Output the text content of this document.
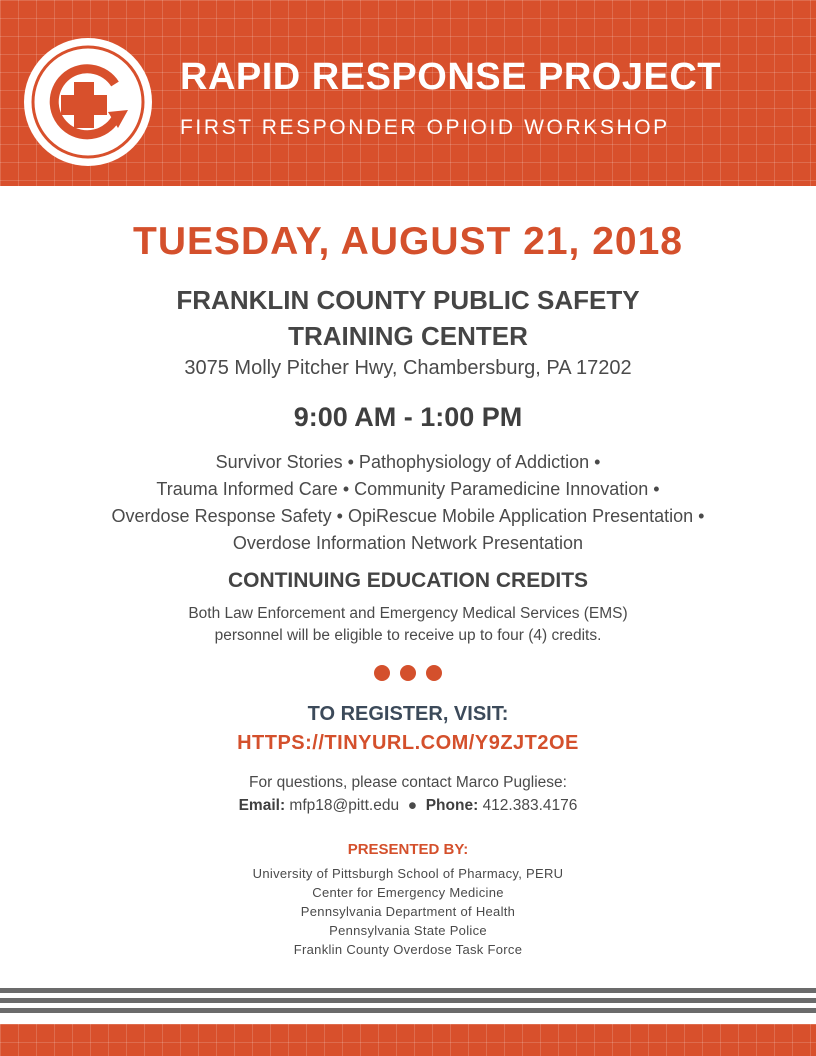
RAPID RESPONSE PROJECT
FIRST RESPONDER OPIOID WORKSHOP
TUESDAY, AUGUST 21, 2018
FRANKLIN COUNTY PUBLIC SAFETY
TRAINING CENTER
3075 Molly Pitcher Hwy, Chambersburg, PA 17202
9:00 AM - 1:00 PM
Survivor Stories • Pathophysiology of Addiction •
Trauma Informed Care • Community Paramedicine Innovation •
Overdose Response Safety • OpiRescue Mobile Application Presentation •
Overdose Information Network Presentation
CONTINUING EDUCATION CREDITS
Both Law Enforcement and Emergency Medical Services (EMS)
personnel will be eligible to receive up to four (4) credits.
TO REGISTER, VISIT:
HTTPS://TINYURL.COM/Y9ZJT2OE
For questions, please contact Marco Pugliese:
Email: mfp18@pitt.edu ● Phone: 412.383.4176
PRESENTED BY:
University of Pittsburgh School of Pharmacy, PERU
Center for Emergency Medicine
Pennsylvania Department of Health
Pennsylvania State Police
Franklin County Overdose Task Force
